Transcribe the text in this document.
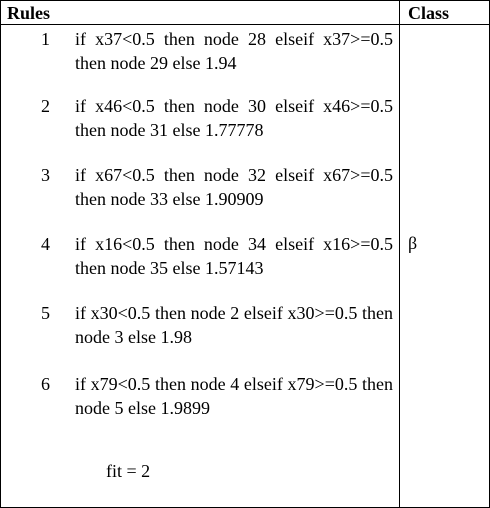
Rules	Class
1 if x37<0.5 then node 28 elseif x37>=0.5 then node 29 else 1.94
2 if x46<0.5 then node 30 elseif x46>=0.5 then node 31 else 1.77778
3 if x67<0.5 then node 32 elseif x67>=0.5 then node 33 else 1.90909
4 if x16<0.5 then node 34 elseif x16>=0.5 then node 35 else 1.57143
5 if x30<0.5 then node 2 elseif x30>=0.5 then node 3 else 1.98
6 if x79<0.5 then node 4 elseif x79>=0.5 then node 5 else 1.9899
fit = 2
β
